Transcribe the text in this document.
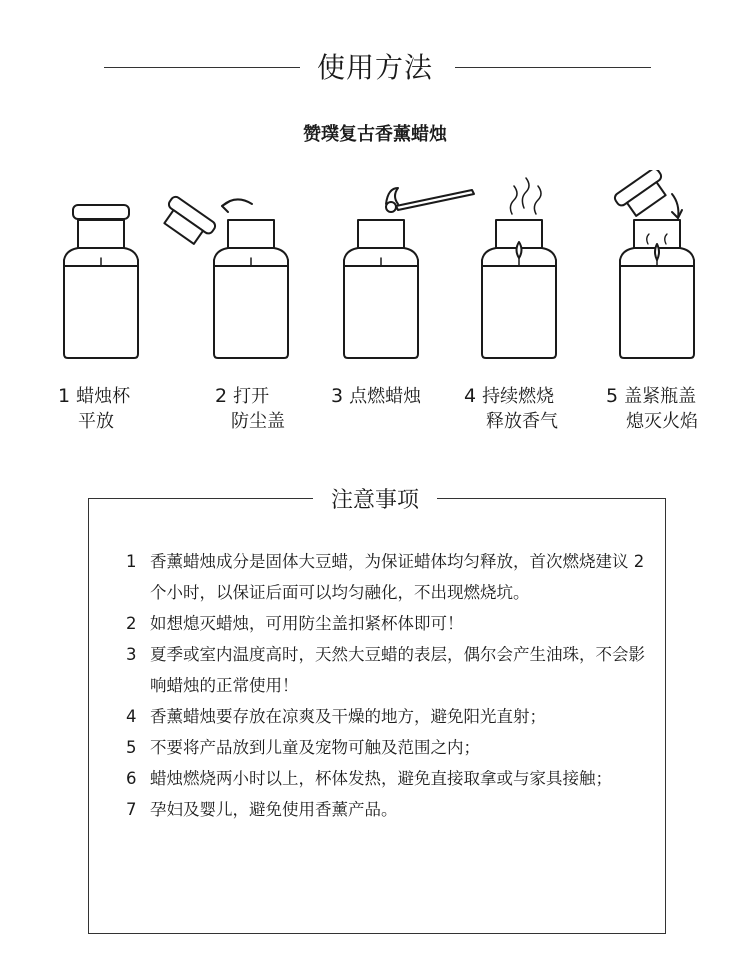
使用方法
赞璞复古香薰蜡烛
1 蜡烛杯
平放
2 打开
防尘盖
3 点燃蜡烛 4 持续燃烧
释放香气
5 盖紧瓶盖
熄灭火焰
注意事项
1 香薰蜡烛成分是固体大豆蜡，为保证蜡体均匀释放，首次燃烧建议 2 个小时，以保证后面可以均匀融化，不出现燃烧坑。
2 如想熄灭蜡烛，可用防尘盖扣紧杯体即可！
3 夏季或室内温度高时，天然大豆蜡的表层，偶尔会产生油珠，不会影响蜡烛的正常使用！
4 香薰蜡烛要存放在凉爽及干燥的地方，避免阳光直射；
5 不要将产品放到儿童及宠物可触及范围之内；
6 蜡烛燃烧两小时以上，杯体发热，避免直接取拿或与家具接触；
7 孕妇及婴儿，避免使用香薰产品。
